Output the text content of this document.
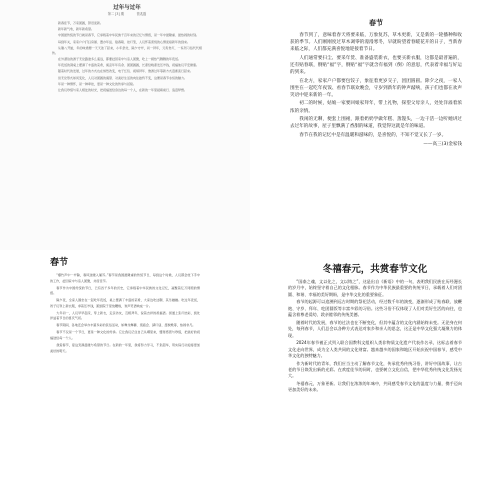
过年与过年
第二 [3] 期　　　　管兆磊

新春佳节，万家团圆，辞旧迎新。

新年新气象，新年新希望。

中国最传统的节日就是春节，它承载着中华民族千百年来的记忆与情感，是一年中最隆重、最热闹的时刻。

每到年关，家家户户打扫房屋、置办年货、贴春联、挂灯笼，人们怀着喜悦的心情迎接新年的到来。

从腊八开始，年的味道便一天天浓了起来，小年祭灶，除夕守岁，初一拜年，元宵赏灯，一系列习俗代代相传。

在外漂泊的游子无论路途多么遥远，都要赶回家中与亲人团聚，吃上一顿热气腾腾的年夜饭。

年夜饭的餐桌上摆满了丰盛的菜肴，寓意年年有余、团团圆圆，长辈给晚辈发压岁钱，祝福他们平安健康。

随着时代的发展，过年的方式也在悄然改变，电子红包、视频拜年、旅游过年等新方式逐渐流行起来。

但无论形式如何变化，人们对团圆的渴望、对美好生活的向往始终不变，这便是春节永恒的魅力。

年是一种情怀，是一种牵挂，更是一种文化的传承与延续。

让我们珍惜与家人相处的时光，把祝福送给身边的每一个人，在新的一年里砥砺前行、追逐梦想。

春节

春节到了，意味着春天将要来临，万象复苏，草木更新，又是新的一轮播种和收获的季节。人们刚刚度过草木凋零的漫漫寒冬，早就盼望着春暖花开的日子，当新春来临之际，人们都充满喜悦地迎接着节日。

人们通常要扫尘、要采年货、准备盛装新衣，也要买新衣服，这都是最普遍的，还有贴春联，倒贴“福”字，倒贴“福”字就含有福到（倒）的意思，代表着幸福与好运的到来。

在北方，家家户户都要包饺子，象征着更岁交子，团团圆圆。除夕之夜，一家人围坐在一起吃年夜饭、看春节联欢晚会，守岁到新年的钟声敲响，孩子们也都在欢声笑语中迎来新的一年。

初二的时候，姑娘一家要回娘家拜年，带上礼物，探望父母亲人，处处洋溢着浓浓的亲情。

我闲的无聊，便套上围裙，跟着奶奶学做年糕、蒸馒头，一边干活一边听她讲过去过年的故事，屋子里飘满了香甜的味道，我觉得这就是年的味道。

春节在我的记忆中是有温暖和滋味的，是喜悦的，不知不觉又长了一岁。

——高三(3)金家钱
春节

“爆竹声中一岁除，春风送暖入屠苏。”春节是我国最隆重的传统节日，每到这个时候，人们都会放下手中的工作，赶回家中与亲人团聚，共度佳节。

春节作为中国传统的节日，已有四千多年的历史，它承载着中华民族的文化记忆，凝聚着亿万同胞的情感。

除夕夜，全家人围坐在一起吃年夜饭，桌上摆满了丰盛的菜肴，大家边吃边聊，其乐融融。吃过年夜饭，孩子们穿上新衣服，拿着压岁钱，跑到院子里放鞭炮，欢声笑语响成一片。

大年初一，人们早早起床，穿上新衣，走亲访友，互相拜年，说着吉祥的祝福语。街道上张灯结彩，到处洋溢着节日的喜庆气氛。

春节期间，各地还会举办丰富多彩的民俗活动，如舞龙舞狮、逛庙会、猜灯谜、扭秧歌等，热闹非凡。

春节不仅是一个节日，更是一种文化的传承。它让我们记住自己从哪里来，懂得感恩与珍惜，把美好的祝福送给每一个人。

我爱春节，爱这充满温暖与希望的节日。在新的一年里，我将努力学习，不负韶华，用实际行动迎接更加美好的明天。

冬禧春元，共赏春节文化

“国泰之魂，文以化之，文以铸之”，这是出自《新语》中的一句，表明我们民族在历经漫长的岁月中，始终坚守着自己的文化根脉。春节作为中华民族最重要的传统节日，承载着人们对团圆、和谐、幸福的美好期盼，是中华文化的重要象征。

春节的起源可以追溯到远古时期的祭祀活动，经过数千年的演变，逐渐形成了贴春联、放鞭炮、守岁、拜年、吃团圆饭等丰富多彩的习俗。这些习俗不仅体现了人们对美好生活的向往，也蕴含着尊老爱幼、敦亲睦邻的传统美德。

随着时代的发展，春节的过法也在不断变化，但其中蕴含的文化内涵始终未变。无论身在何处，每到春节，人们总会以各种方式表达对家乡和亲人的思念，这正是中华文化强大凝聚力的体现。

2024年春节被正式列入联合国教科文组织人类非物质文化遗产代表作名录，这标志着春节文化走向世界，成为全人类共同的文化财富。越来越多的国家和地区开始庆祝中国春节，感受中华文化的独特魅力。

作为新时代的青年，我们应当主动了解春节文化，传承优秀传统习俗，讲好中国故事，让古老的节日焕发出新的光彩。在欢度佳节的同时，也要树立文化自信，把中华优秀传统文化发扬光大。

冬禧春元，万象更新。让我们在浓浓的年味中，共同感受春节文化的温度与力量，携手迈向更加美好的未来。
